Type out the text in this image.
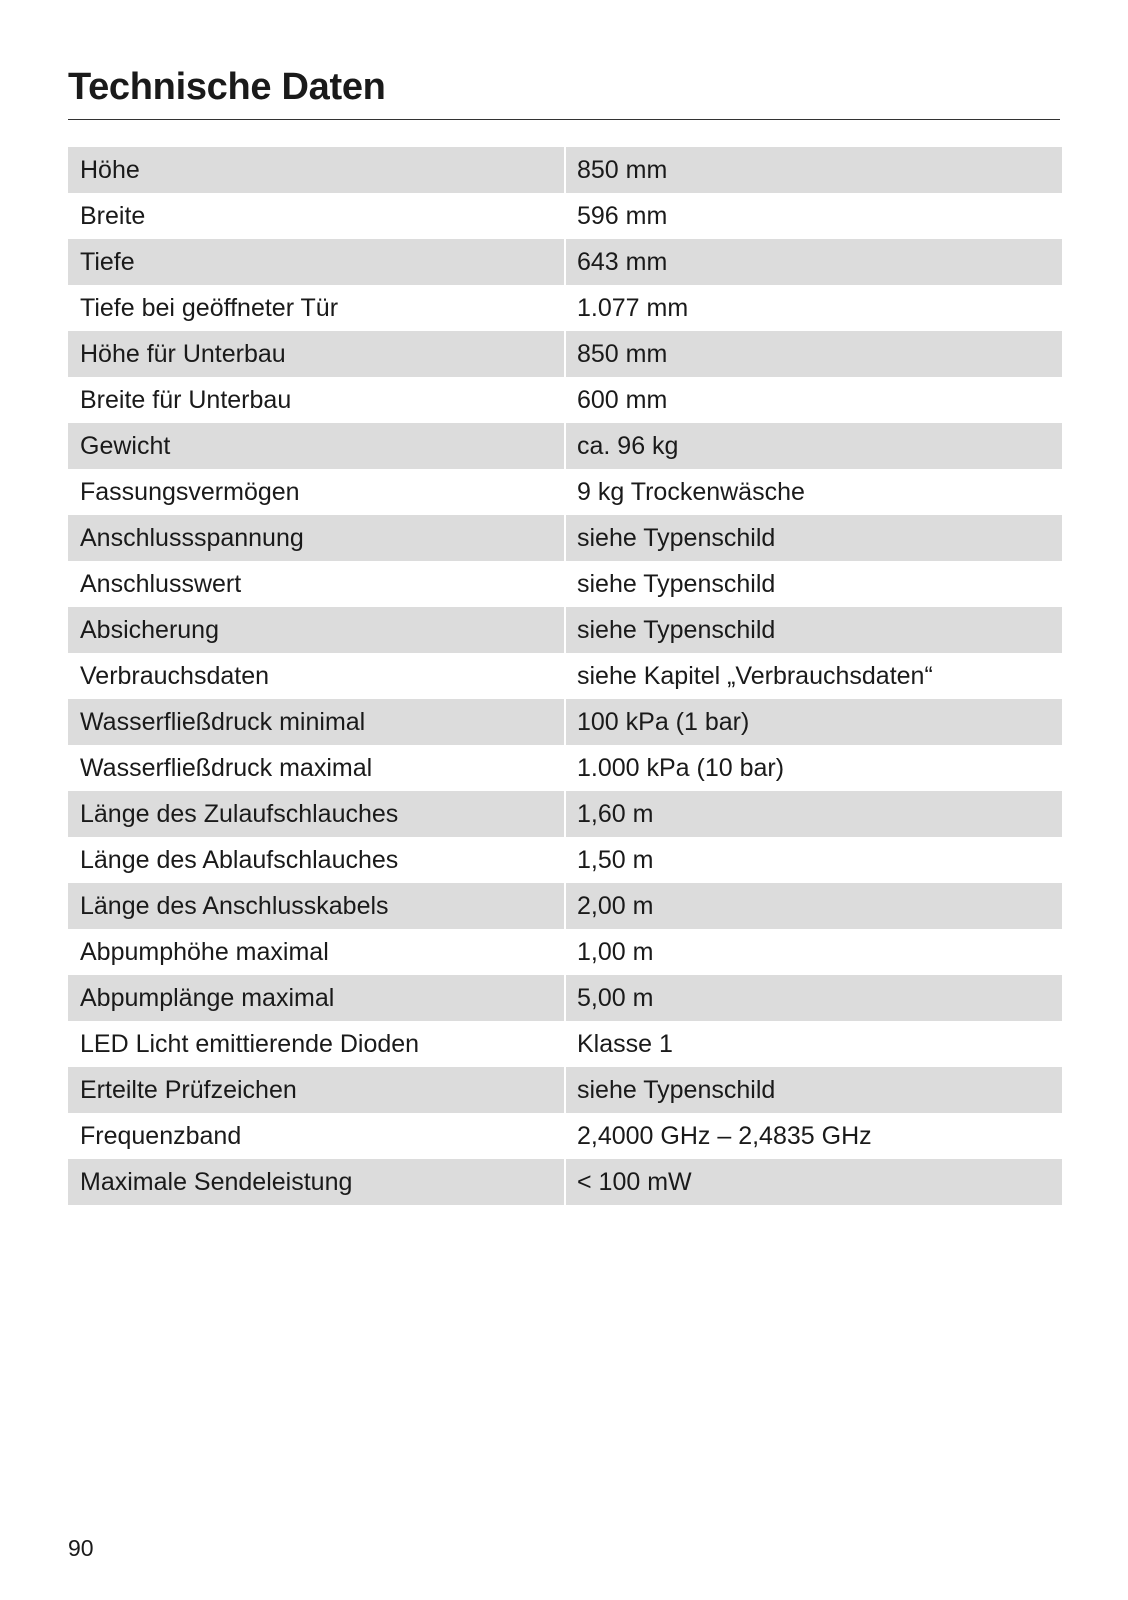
Technische Daten
Höhe	850 mm
Breite	596 mm
Tiefe	643 mm
Tiefe bei geöffneter Tür	1.077 mm
Höhe für Unterbau	850 mm
Breite für Unterbau	600 mm
Gewicht	ca. 96 kg
Fassungsvermögen	9 kg Trockenwäsche
Anschlussspannung	siehe Typenschild
Anschlusswert	siehe Typenschild
Absicherung	siehe Typenschild
Verbrauchsdaten	siehe Kapitel „Verbrauchsdaten“
Wasserfließdruck minimal	100 kPa (1 bar)
Wasserfließdruck maximal	1.000 kPa (10 bar)
Länge des Zulaufschlauches	1,60 m
Länge des Ablaufschlauches	1,50 m
Länge des Anschlusskabels	2,00 m
Abpumphöhe maximal	1,00 m
Abpumplänge maximal	5,00 m
LED Licht emittierende Dioden	Klasse 1
Erteilte Prüfzeichen	siehe Typenschild
Frequenzband	2,4000 GHz – 2,4835 GHz
Maximale Sendeleistung	< 100 mW
90
